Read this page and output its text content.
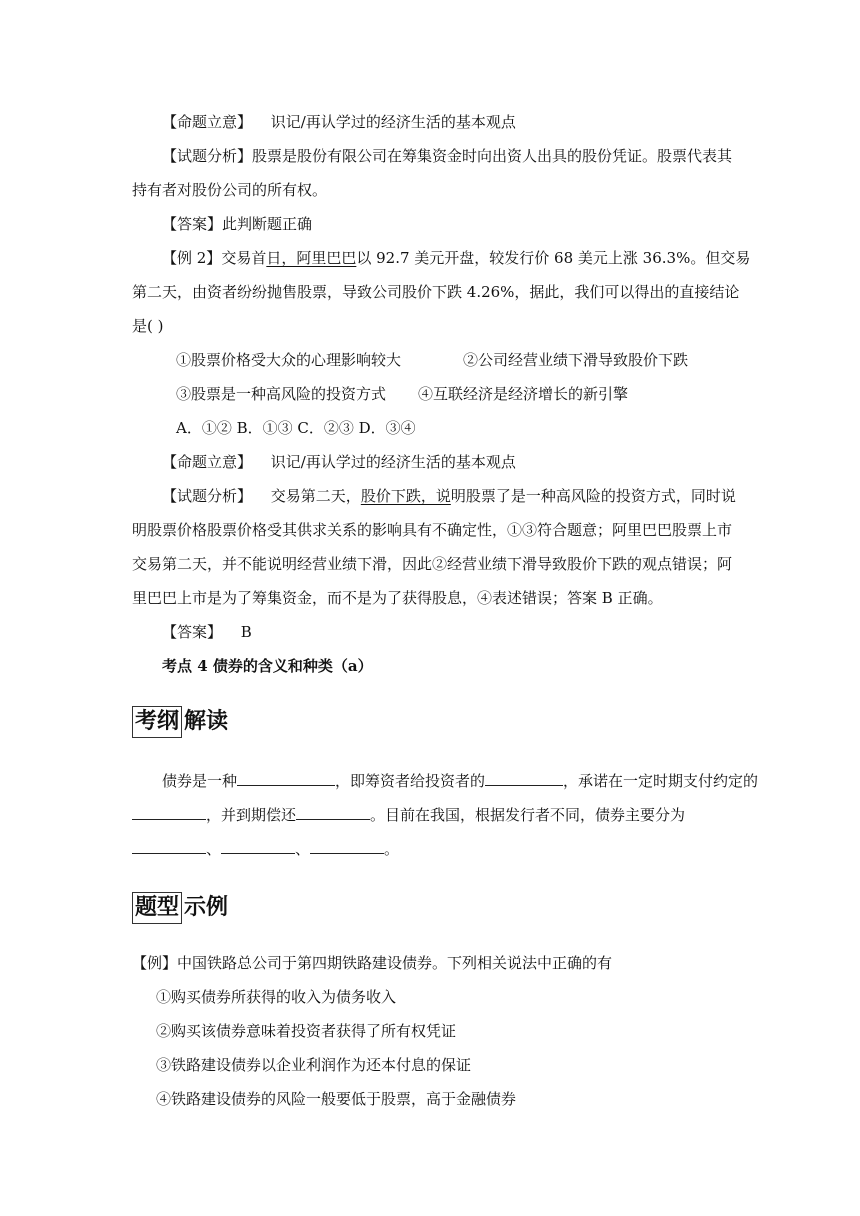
【命题立意】 识记/再认学过的经济生活的基本观点
【试题分析】股票是股份有限公司在筹集资金时向出资人出具的股份凭证。股票代表其
持有者对股份公司的所有权。
【答案】此判断题正确
【例 2】交易首日，阿里巴巴以 92.7 美元开盘，较发行价 68 美元上涨 36.3%。但交易
第二天，由资者纷纷抛售股票，导致公司股价下跌 4.26%，据此，我们可以得出的直接结论
是( )
①股票价格受大众的心理影响较大	②公司经营业绩下滑导致股价下跌
③股票是一种高风险的投资方式 ④互联经济是经济增长的新引擎
A．①② B．①③ C．②③ D．③④
【命题立意】 识记/再认学过的经济生活的基本观点
【试题分析】 交易第二天，股价下跌，说明股票了是一种高风险的投资方式，同时说
明股票价格股票价格受其供求关系的影响具有不确定性，①③符合题意；阿里巴巴股票上市
交易第二天，并不能说明经营业绩下滑，因此②经营业绩下滑导致股价下跌的观点错误；阿
里巴巴上市是为了筹集资金，而不是为了获得股息，④表述错误；答案 B 正确。
【答案】 B
考点 4 债券的含义和种类（a）
考纲 解读
债券是一种	，即筹资者给投资者的	，承诺在一定时期支付约定的
，并到期偿还	。目前在我国，根据发行者不同，债券主要分为
、	、	。
题型 示例
【例】中国铁路总公司于第四期铁路建设债券。下列相关说法中正确的有
①购买债券所获得的收入为债务收入
②购买该债券意味着投资者获得了所有权凭证
③铁路建设债券以企业利润作为还本付息的保证
④铁路建设债券的风险一般要低于股票，高于金融债券
